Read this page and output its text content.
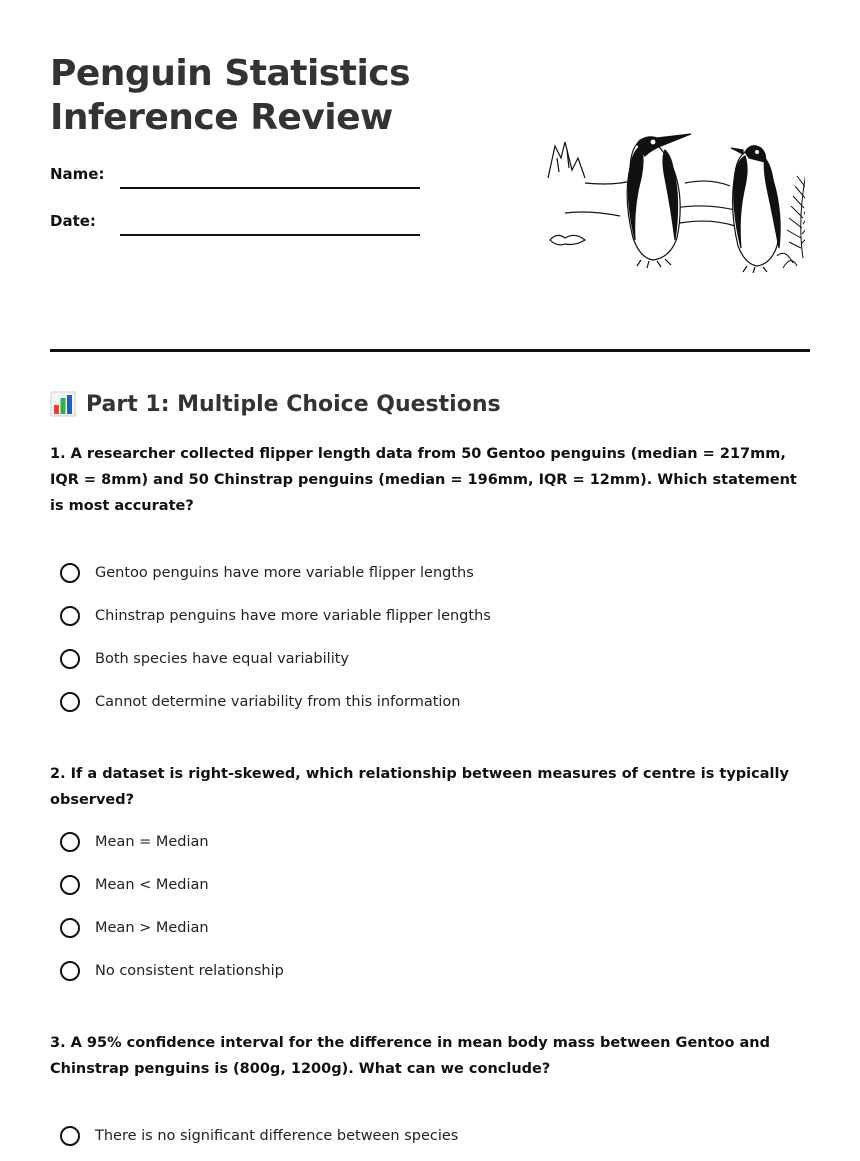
Penguin Statistics
Inference Review
Name:
Date:
Part 1: Multiple Choice Questions

1. A researcher collected flipper length data from 50 Gentoo penguins (median = 217mm, IQR = 8mm) and 50 Chinstrap penguins (median = 196mm, IQR = 12mm). Which statement is most accurate?

Gentoo penguins have more variable flipper lengths
Chinstrap penguins have more variable flipper lengths
Both species have equal variability
Cannot determine variability from this information

2. If a dataset is right-skewed, which relationship between measures of centre is typically observed?

Mean = Median
Mean < Median
Mean > Median
No consistent relationship

3. A 95% confidence interval for the difference in mean body mass between Gentoo and Chinstrap penguins is (800g, 1200g). What can we conclude?

There is no significant difference between species
